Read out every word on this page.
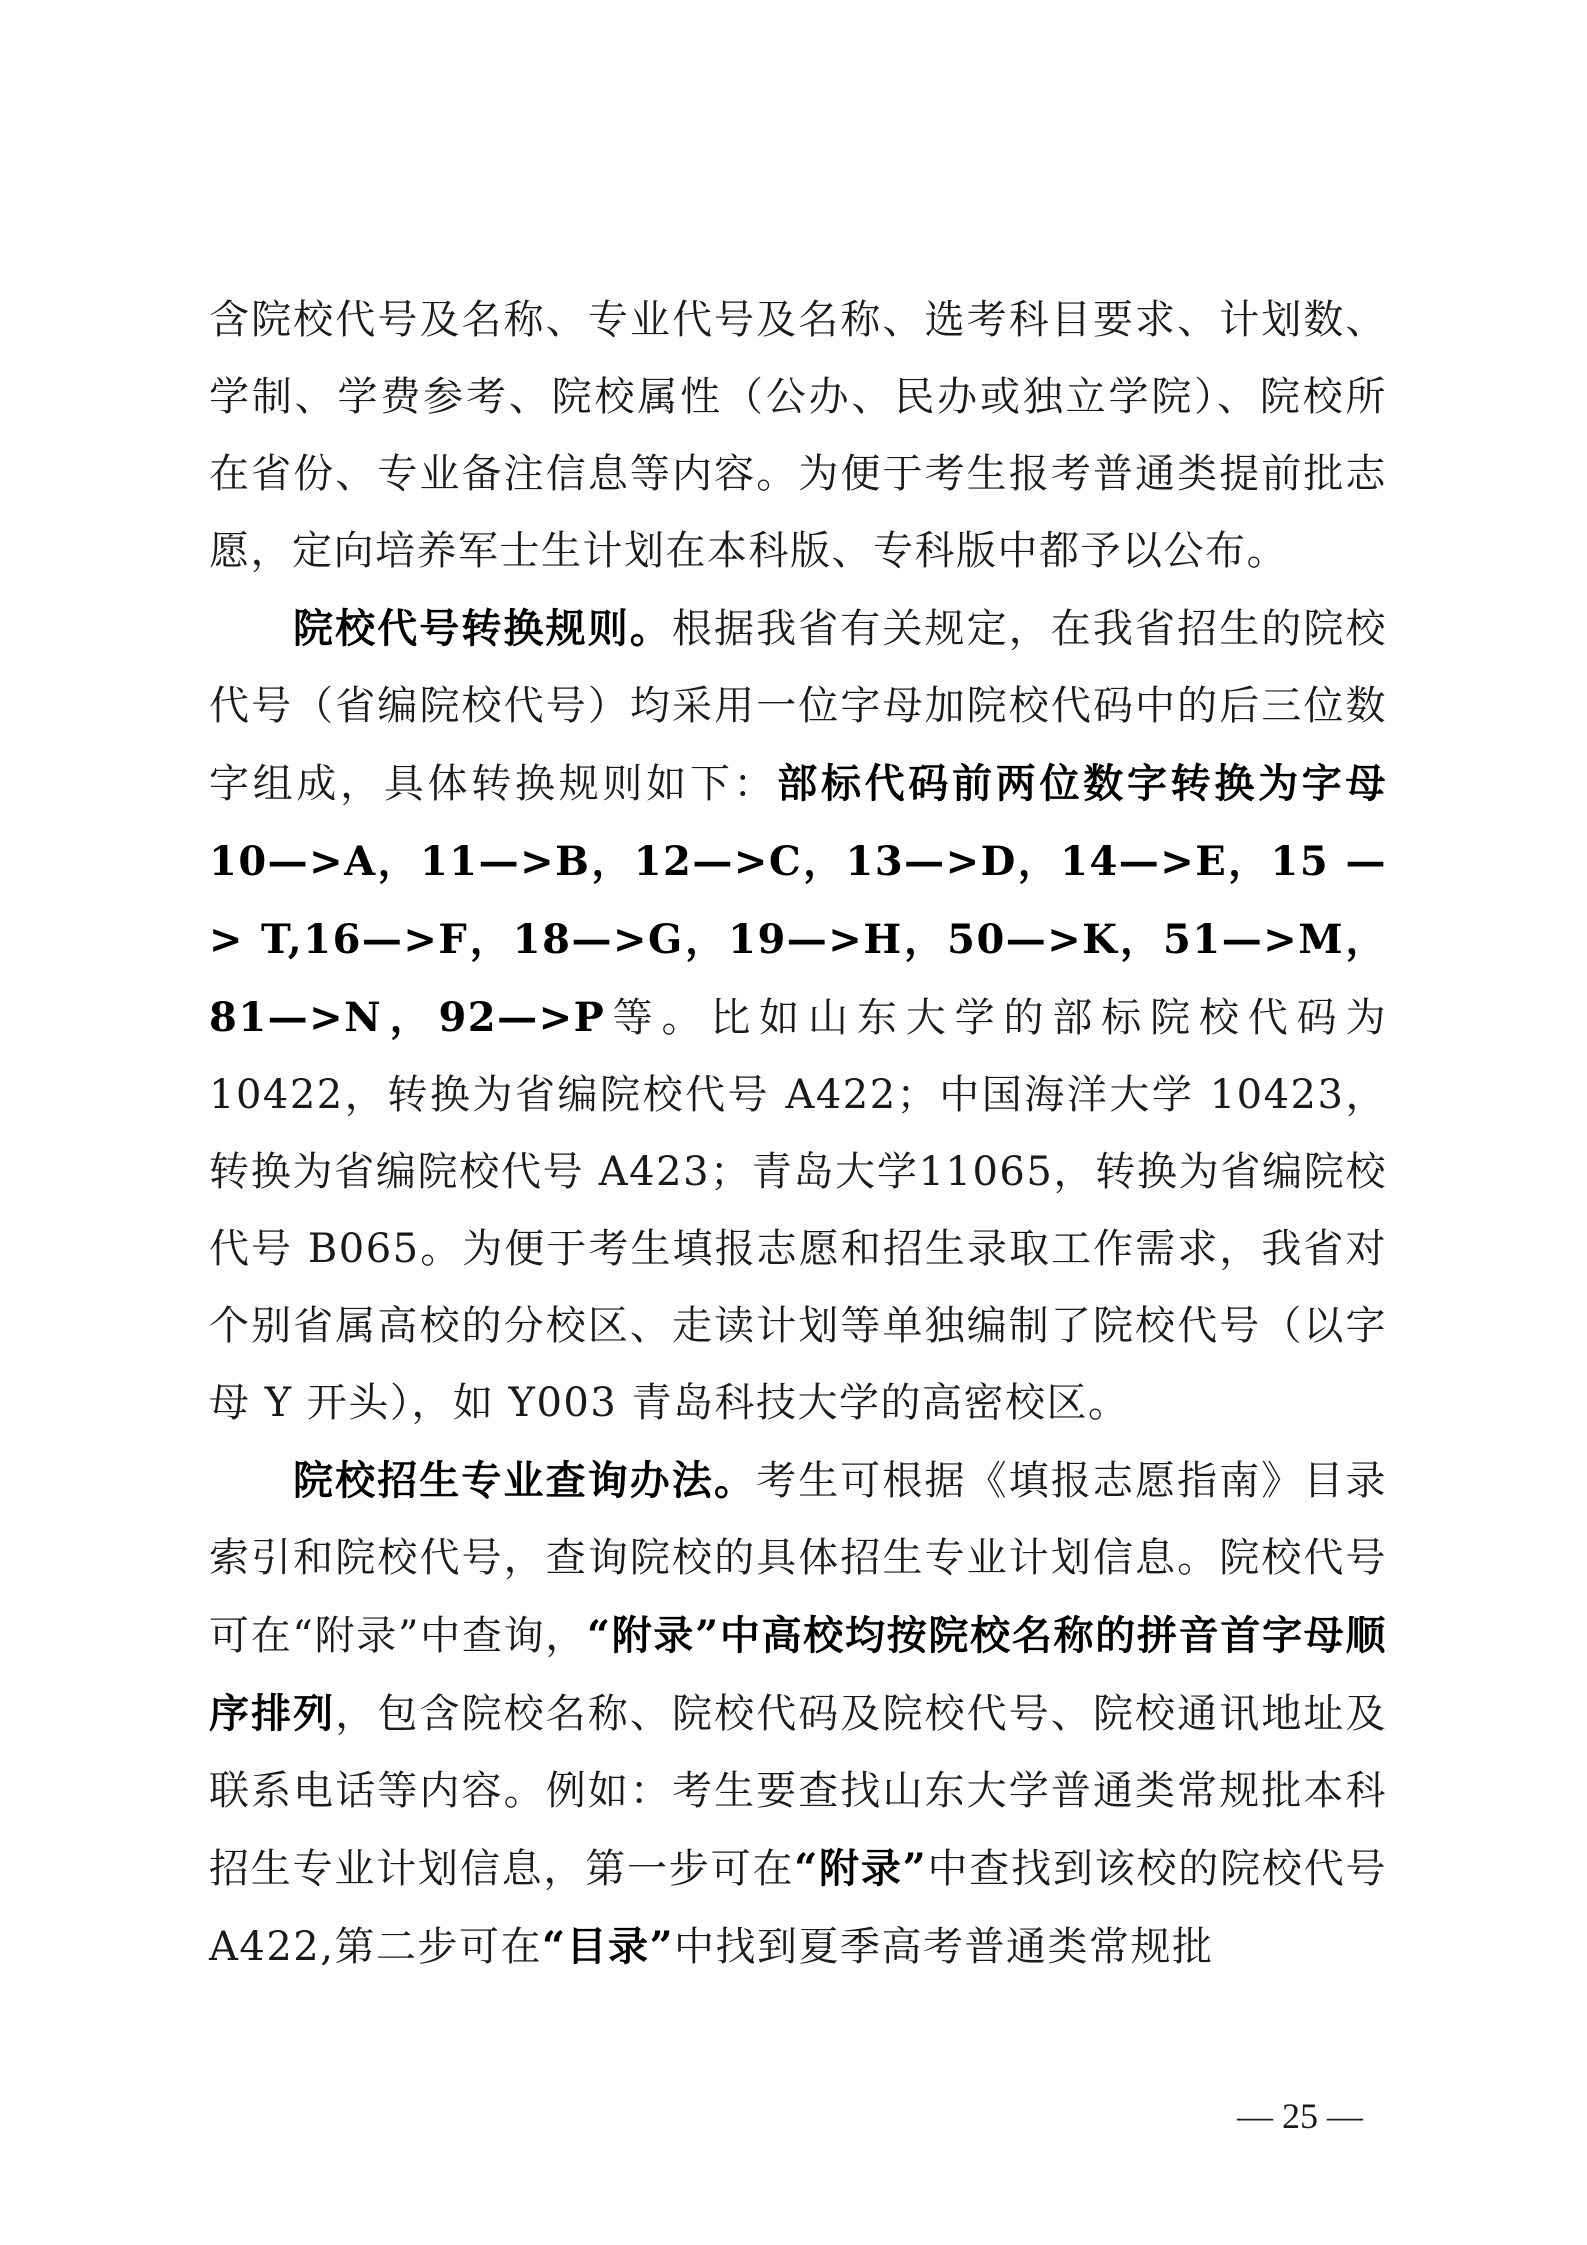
含院校代号及名称、专业代号及名称、选考科目要求、计划数、学制、学费参考、院校属性（公办、民办或独立学院）、院校所在省份、专业备注信息等内容。为便于考生报考普通类提前批志愿，定向培养军士生计划在本科版、专科版中都予以公布。

院校代号转换规则。根据我省有关规定，在我省招生的院校代号（省编院校代号）均采用一位字母加院校代码中的后三位数字组成，具体转换规则如下：部标代码前两位数字转换为字母10—>A，11—>B，12—>C，13—>D，14—>E，15 —> T,16—>F，18—>G，19—>H，50—>K，51—>M，81—>N，92—>P等。比如山东大学的部标院校代码为 10422，转换为省编院校代号 A422；中国海洋大学 10423，转换为省编院校代号 A423；青岛大学11065，转换为省编院校代号 B065。为便于考生填报志愿和招生录取工作需求，我省对个别省属高校的分校区、走读计划等单独编制了院校代号（以字母 Y 开头），如 Y003 青岛科技大学的高密校区。

院校招生专业查询办法。考生可根据《填报志愿指南》目录索引和院校代号，查询院校的具体招生专业计划信息。院校代号可在“附录”中查询，“附录”中高校均按院校名称的拼音首字母顺序排列，包含院校名称、院校代码及院校代号、院校通讯地址及联系电话等内容。例如：考生要查找山东大学普通类常规批本科招生专业计划信息，第一步可在“附录”中查找到该校的院校代号 A422,第二步可在“目录”中找到夏季高考普通类常规批

— 25 —
